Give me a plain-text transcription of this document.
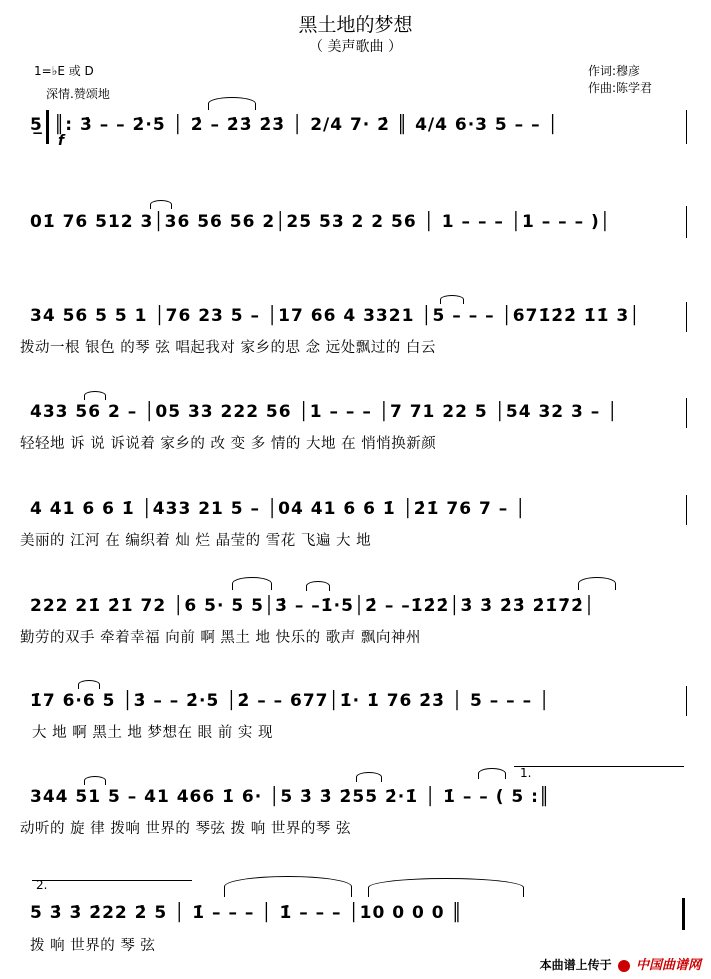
黑土地的梦想
（ 美声歌曲 ）
1=♭E 或 D
深情.赞颂地
作词:穆彦
作曲:陈学君
5̲ ║: 3̇ – – 2̇·5̇ │ 2̇ – 2̇3̇ 2̇3̇ │ 2/4 7· 2̇ ║ 4/4 6·3 5 – – │
f
01̇ 76 512 3│36 56 56 2│25 53 2 2 56 │ 1 – – – │1 – – – )│
34 56 5 5 1 │76 23 5 – │17 66 4 3321 │5 – – – │671̇2̇2̇ 1̇1̇ 3│
拨动一根 银色 的琴 弦 唱起我对 家乡的思 念 远处飘过的 白云
433 56 2 – │05 33 222 56 │1 – – – │7 71 22 5 │54 32 3 – │
轻轻地 诉 说 诉说着 家乡的 改 变 多 情的 大地 在 悄悄换新颜
4 41 6 6 1̇ │433 21 5 – │04 41 6 6 1̇ │2̇1̇ 76 7 – │
美丽的 江河 在 编织着 灿 烂 晶莹的 雪花 飞遍 大 地
222 21̇ 2̇1̇ 72 │6 5· 5 5│3̇ – –1̇·5│2̇ – –1̇2̇2̇│3̇ 3̇ 2̇3̇ 2̇1̇7̇2̇│
勤劳的双手 牵着幸福 向前 啊 黑土 地 快乐的 歌声 飘向神州
1̇7 6·6 5 │3̇ – – 2̇·5 │2̇ – – 677│1̇· 1̇ 76 2̇3̇ │ 5 – – – │
大 地 啊 黑土 地 梦想在 眼 前 实 现
1.
344 51 5 – 41 466 1̇ 6· │5 3̇ 3̇ 2̇55 2̇·1̇ │ 1̇ – – ( 5 :║
动听的 旋 律 拨响 世界的 琴弦 拨 响 世界的琴 弦
2.
5 3̇ 3̇ 2̇22 2̇ 5 │ 1̇ – – – │ 1̇ – – – │10 0 0 0 ║
拨 响 世界的 琴 弦
本曲谱上传于 中国曲谱网
